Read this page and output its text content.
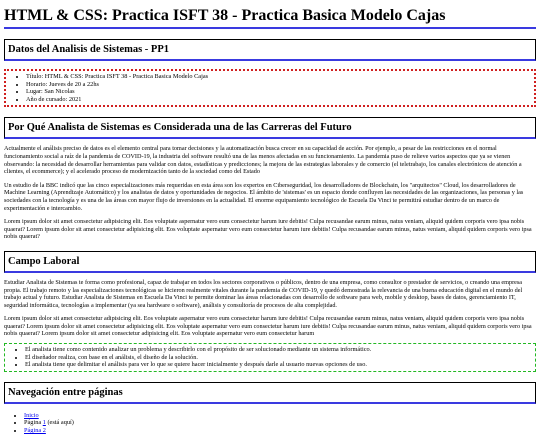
HTML & CSS: Practica ISFT 38 - Practica Basica Modelo Cajas
Datos del Analisis de Sistemas - PP1
• Título: HTML & CSS: Practica ISFT 38 - Practica Basica Modelo Cajas
• Horario: Jueves de 20 a 22hs
• Lugar: San Nicolas
• Año de cursado: 2021
Por Qué Analista de Sistemas es Considerada una de las Carreras del Futuro

Actualmente el análisis preciso de datos es el elemento central para tomar decisiones y la automatización busca crecer en su capacidad de acción. Por ejemplo, a pesar de las restricciones en el normal funcionamiento social a raíz de la pandemia de COVID-19, la industria del software resultó una de las menos afectadas en su funcionamiento. La pandemia puso de relieve varios aspectos que ya se vienen observando: la necesidad de desarrollar herramientas para validar con datos, estadísticas y predicciones; la mejora de las estrategias laborales y de comercio (el teletrabajo, los canales electrónicos de atención a clientes, el ecommerce); y el acelerado proceso de modernización tanto de la sociedad como del Estado

Un estudio de la BBC indicó que las cinco especializaciones más requeridas en esta área son los expertos en Ciberseguridad, los desarrolladores de Blockchain, los "arquitectos" Cloud, los desarrolladores de Machine Learning (Aprendizaje Automático) y los analistas de datos y oportunidades de negocios. El ámbito de 'sistemas' es un espacio donde confluyen las necesidades de las organizaciones, las personas y las sociedades con la tecnología y es una de las áreas con mayor flujo de inversiones en la actualidad. El enorme equipamiento tecnológico de Escuela Da Vinci te permitirá estudiar dentro de un marco de experimentación e intercambio.

Lorem ipsum dolor sit amet consectetur adipisicing elit. Eos voluptate aspernatur vero eum consectetur harum iure debitis! Culpa recusandae earum minus, natus veniam, aliquid quidem corporis vero ipsa nobis quaerat? Lorem ipsum dolor sit amet consectetur adipisicing elit. Eos voluptate aspernatur vero eum consectetur harum iure debitis! Culpa recusandae earum minus, natus veniam, aliquid quidem corporis vero ipsa nobis quaerat?

Campo Laboral

Estudiar Analista de Sistemas te forma como profesional, capaz de trabajar en todos los sectores corporativos o públicos, dentro de una empresa, como consultor o prestador de servicios, o creando una empresa propia. El trabajo remoto y las especializaciones tecnológicas se hicieron realmente vitales durante la pandemia de COVID-19, y quedó demostrada la relevancia de una buena educación digital en el mundo del trabajo actual y futuro. Estudiar Analista de Sistemas en Escuela Da Vinci te permite dominar las áreas relacionadas con desarrollo de software para web, mobile y desktop, bases de datos, gerenciamiento IT, seguridad informática, tecnologías a implementar (ya sea hardware o software), análisis y consultoría de procesos de alta complejidad.

Lorem ipsum dolor sit amet consectetur adipisicing elit. Eos voluptate aspernatur vero eum consectetur harum iure debitis! Culpa recusandae earum minus, natus veniam, aliquid quidem corporis vero ipsa nobis quaerat? Lorem ipsum dolor sit amet consectetur adipisicing elit. Eos voluptate aspernatur vero eum consectetur harum iure debitis! Culpa recusandae earum minus, natus veniam, aliquid quidem corporis vero ipsa nobis quaerat? Lorem ipsum dolor sit amet consectetur adipisicing elit. Eos voluptate aspernatur vero eum consectetur harum

• El analista tiene como contenido analizar un problema y describirlo con el propósito de ser solucionado mediante un sistema informático.
• El diseñador realiza, con base en el análisis, el diseño de la solución.
• El analista tiene que delimitar el análisis para ver lo que se quiere hacer inicialmente y después darle al usuario nuevas opciones de uso.
Navegación entre páginas
• Inicio
• Página 1 (está aquí)
• Página 2
